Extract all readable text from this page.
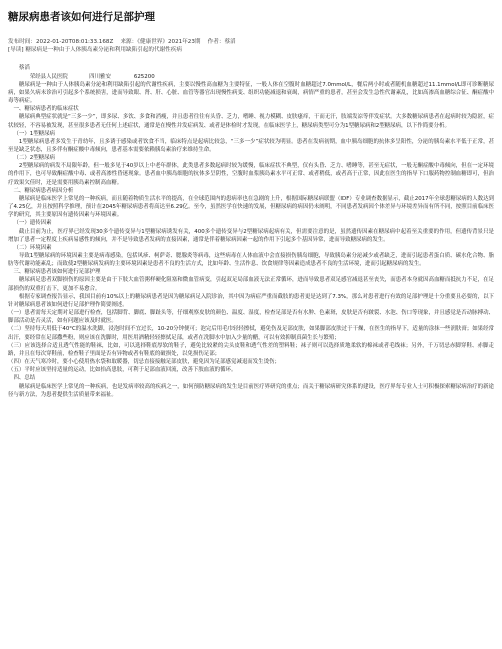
糖尿病患者该如何进行足部护理
发布时间：2022-01-20T08:01:33.168Z 来源：《健康世界》2021年23期 作者：蔡滔
[导读] 糖尿病是一种由于人体胰岛素分泌和利用缺陷引起的代谢性疾病

蔡滔

荣经县人民医院	四川雅安	625200

糖尿病是一种由于人体胰岛素分泌和利用缺陷引起的代谢性疾病，主要以慢性高血糖为主要特征，一般人体在空腹时血糖超过7.0mmol/L，餐后两小时或者随机血糖超过11.1mmol/L即可诊断糖尿病，如果久病未诊治可引起多个系统损害，进而导致眼、肾、肝、心脏、血管等器官出现慢性病变、组织功能减退和衰竭，病情严重的患者，甚至会发生急性代谢紊乱，比如高渗高血糖综合征、酮症酸中毒等病症。

一、糖尿病患者的临床症状

糖尿病典型症状就是“三多一少”，即多尿、多饮、多食和消瘦，并且患者往往有头昏、乏力，嗜睡、视力模糊、皮肤瘙痒，干而无汗，肢端发凉等伴发症状。大多数糖尿病患者在起病时较为隐匿，症状较轻，不容易被发现，甚至很多患者无任何上述症状，通常是在慢性并发症病发、或者是体检时才发现，在临床医学上，糖尿病类型可分为1型糖尿病和2型糖尿病，以下作简要分析。

（一）1型糖尿病

1型糖尿病患者多发生于青幼年，且多诱于感染或者饮食不当，临床特点是起病比较急，“三多一少”症状较为明显。患者在发病初期，血中胰岛细胞的抗体多呈阳性，分泌的胰岛素水平低于正常，甚至是缺乏状态，且多伴有酮症酸中毒倾向，患者基本需要依赖胰岛素治疗来维持生命。

（二）2型糖尿病

2型糖尿病的病发不局限年龄，但一般多见于40岁以上中老年群体，此类患者多数起病时较为缓慢，临床症状不典型，仅有头昏、乏力、嗜睡等，甚至无症状，一般无酮症酸中毒倾向，但在一定环境的作用下，也可导致酮症酸中毒、或者高渗性昏迷现象。患者血中胰岛细胞的抗体多呈阴性，空腹时血浆胰岛素水平可正常、或者稍低，或者高于正常，因此在医生的指导下口服药物控制血糖即可，但治疗效果欠佳时，还是需要用胰岛素控制高血糖。

二、糖尿病患者病因分析

糖尿病是临床医学上常见的一种疾病，而且随着物质生活水平的提高，在全球范围内的患病率也在急剧的上升，根据国际糖尿病联盟（IDF）专业调查数据显示，截止2017年全球患糖尿病的人数达到了4.25亿，并且按照科学推理，预计在2045年糖尿病患者将高达至6.29亿。至今，虽然医学在快速的发展，但糖尿病的病因仍未阐明，不同患者发病因个体差异与环境差异而有所不同，按照目前临床医学的研究，其主要原因有遗传因素与环境因素。

（一）遗传因素

截止目前为止，医疗界已经发现30多个遗传变异与1型糖尿病诱发有关，400多个遗传变异与2型糖尿病起病有关，但需要注意的是，虽然遗传因素在糖尿病中起着至关重要的作用，但遗传背景只是增加了患者一定程度上疾病易感性的倾向，并不是导致患者发病的直接因素，通常是伴着糖尿病因素一起的作用下引起多个基因异常，进而导致糖尿病的发生。

（二）环境因素

导致1型糖尿病的环境因素主要是病毒感染，包括风疹、柯萨奇、腮腺炎等病毒，这些病毒在人体血液中会直接损伤胰岛细胞，导致胰岛素分泌减少或者缺乏，进而引起患者蛋白质、碳水化合物、脂肪等代谢功能紊乱；而致使2型糖尿病发病的主要环境因素是患者不良的生活方式，比如年龄、生活作息、饮食规律等因素造成患者不良的生活环境，进而引起糖尿病的发生。

三、糖尿病患者该如何进行足部护理

糖尿病足患者双脚损伤的原因主要是由于下肢大血管粥样硬化阻塞和微血管病变，引起双足局部血液无法正常循环，进而导致患者双足感官减退甚至丧失，而患者本身就因高血糖而抵抗力不足，在足部损伤的双重打击下，更加不易愈合。

根据专家调查报告显示，我国目前有10%以上的糖尿病患者是因为糖尿病足入院诊治，其中因为病症严重而截肢的患者更是达到了7.3%，那么对患者进行有效的足部护理是十分重要且必要的，以下针对糖尿病患者该如何进行足部护理作简要阐述。

（一）患者需每天定期对足部进行检查，包括脚背、脚底、脚趾头等，仔细观察皮肤的颜色、温度、湿度，检查足部是否有水肿、色素斑，皮肤是否有皲裂、水泡、伤口等现象，并且感觉是否动脉搏动、脚部活动是否灵活，如有问题应该及时就医。

（二）坚持每天用低于40°C的温水洗脚，浸泡时间不宜过长，10-20分钟便可；泡完后用毛巾轻轻擦拭，避免伤及足部皮肤，如果脚部皮肤过于干燥，在医生的指导下，适量的涂抹一些润肤膏；如果经常出汗，要经常在足部撒些粉，则应该在洗脚时，用医用酒精轻轻擦拭足部，或者在洗脚水中加入少量的醋，可以有效抑制真菌生长与繁殖；

（三）应该选择合适且透气性能的鞋袜，比如，可以选择鞋底厚软的鞋子，避免比较紧的尖头皮鞋和透气性差的塑料鞋；袜子则可以选择质地柔软的棉袜或者毛线袜；另外，千万切忌赤脚穿鞋、赤脚走路，并且在每次穿鞋前，检查鞋子里面是否有异物或者有鞋底的破损处，以免损伤足部；

（四）在天气寒冷时，要小心使用热水袋和取暖器，切忌直接接触足部皮肤，避免因为足部感觉减退而发生烫伤；

（五）平时应该坚持适量的运动，比如抬高患肢，可利于足部血液回流，改善下肢血液的循环。

四、总结

糖尿病是临床医学上常见的一种疾病，也是发病率较高的疾病之一，如何预防糖尿病的发生是目前医疗界研究的重点；而关于糖尿病研究体系的建设，医疗界每专业人士可积极探索糖尿病治疗的新途径与新方法，为患者提供生活质量带来福祉。
